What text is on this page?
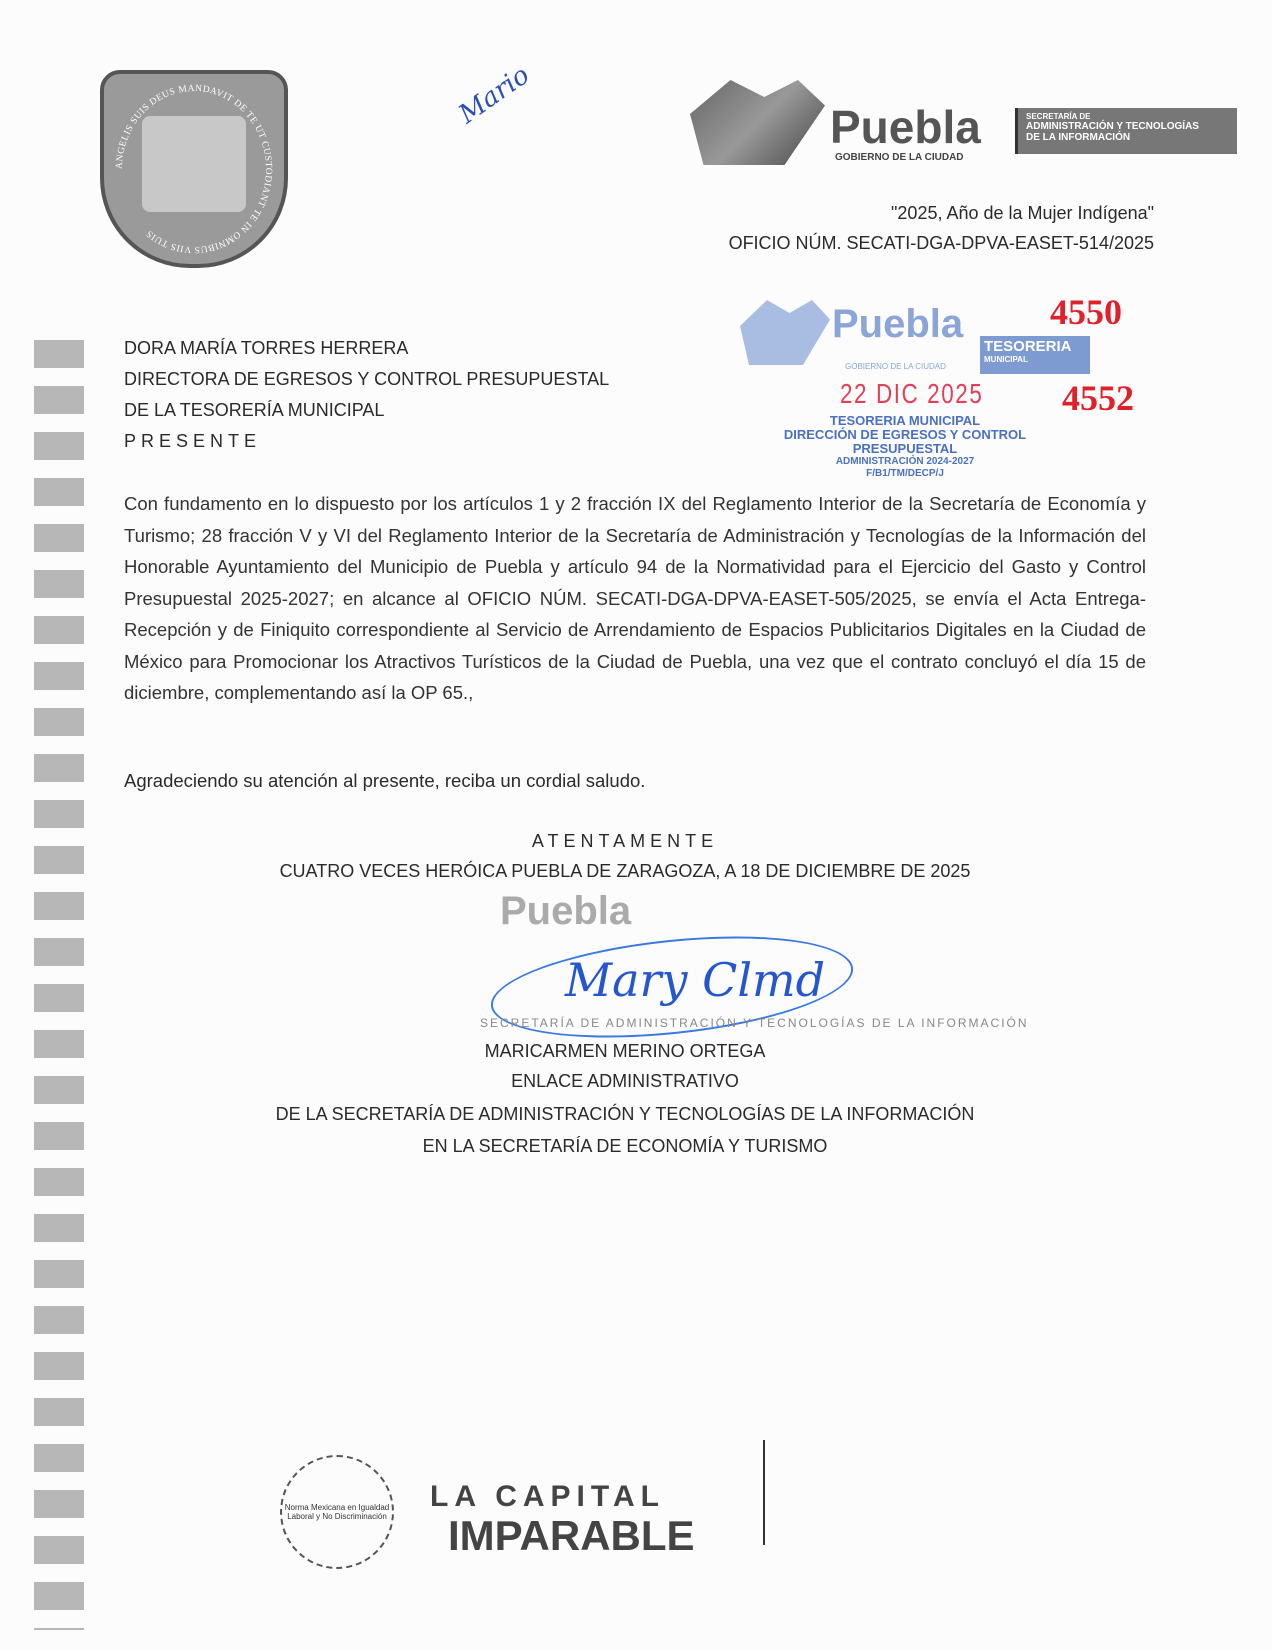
Mario
ANGELIS SUIS DEUS MANDAVIT DE TE UT CUSTODIANT TE IN OMNIBUS VIIS TUIS
Puebla
GOBIERNO DE LA CIUDAD
SECRETARÍA DE
ADMINISTRACIÓN Y TECNOLOGÍAS
DE LA INFORMACIÓN
"2025, Año de la Mujer Indígena"
OFICIO NÚM. SECATI-DGA-DPVA-EASET-514/2025
DORA MARÍA TORRES HERRERA
DIRECTORA DE EGRESOS Y CONTROL PRESUPUESTAL
DE LA TESORERÍA MUNICIPAL
PRESENTE
Puebla
GOBIERNO DE LA CIUDAD
TESORERIA
MUNICIPAL
4550
4552
22 DIC 2025
TESORERIA MUNICIPAL
DIRECCIÓN DE EGRESOS Y CONTROL
PRESUPUESTAL
ADMINISTRACIÓN 2024-2027
F/B1/TM/DECP/J
Con fundamento en lo dispuesto por los artículos 1 y 2 fracción IX del Reglamento Interior de la Secretaría de Economía y Turismo; 28 fracción V y VI del Reglamento Interior de la Secretaría de Administración y Tecnologías de la Información del Honorable Ayuntamiento del Municipio de Puebla y artículo 94 de la Normatividad para el Ejercicio del Gasto y Control Presupuestal 2025-2027; en alcance al OFICIO NÚM. SECATI-DGA-DPVA-EASET-505/2025, se envía el Acta Entrega-Recepción y de Finiquito correspondiente al Servicio de Arrendamiento de Espacios Publicitarios Digitales en la Ciudad de México para Promocionar los Atractivos Turísticos de la Ciudad de Puebla, una vez que el contrato concluyó el día 15 de diciembre, complementando así la OP 65.,
Agradeciendo su atención al presente, reciba un cordial saludo.
ATENTAMENTE
CUATRO VECES HERÓICA PUEBLA DE ZARAGOZA, A 18 DE DICIEMBRE DE 2025
Puebla
Mary Clmd
SECRETARÍA DE ADMINISTRACIÓN Y TECNOLOGÍAS DE LA INFORMACIÓN
MARICARMEN MERINO ORTEGA
ENLACE ADMINISTRATIVO
DE LA SECRETARÍA DE ADMINISTRACIÓN Y TECNOLOGÍAS DE LA INFORMACIÓN
EN LA SECRETARÍA DE ECONOMÍA Y TURISMO
Norma Mexicana en Igualdad Laboral y No Discriminación
LA CAPITAL
IMPARABLE
